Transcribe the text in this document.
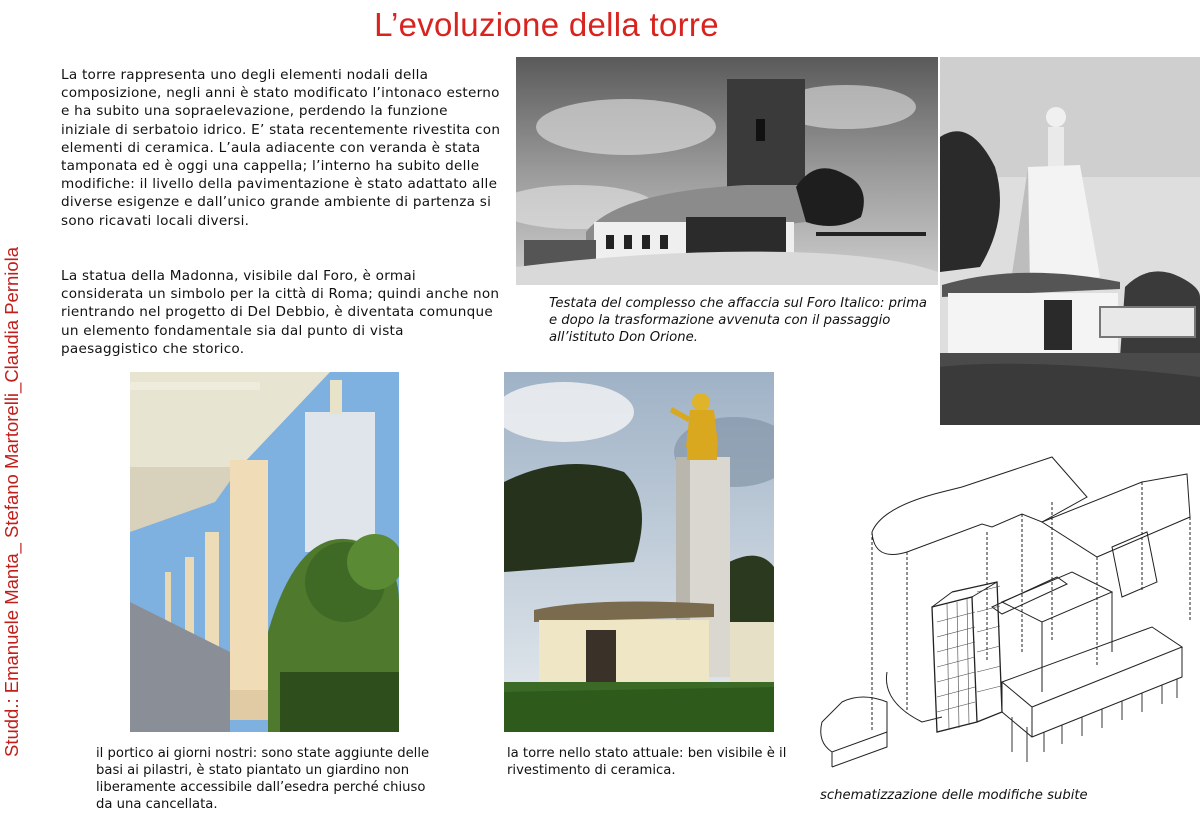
L’evoluzione della torre
Studd.: Emanuele Manta_ Stefano Martorelli_Claudia Perniola

La torre rappresenta uno degli elementi nodali della composizione, negli anni è stato modificato l’intonaco esterno e ha subito una sopraelevazione, perdendo la funzione iniziale di serbatoio idrico. E’ stata recentemente rivestita con elementi di ceramica. L’aula adiacente con veranda è stata tamponata ed è oggi una cappella; l’interno ha subito delle modifiche: il livello della pavimentazione è stato adattato alle diverse esigenze e dall’unico grande ambiente di partenza si sono ricavati locali diversi.

La statua della Madonna, visibile dal Foro, è ormai considerata un simbolo per la città di Roma; quindi anche non rientrando nel progetto di Del Debbio, è diventata comunque un elemento fondamentale sia dal punto di vista paesaggistico che storico.

Testata del complesso che affaccia sul Foro Italico: prima e dopo la trasformazione avvenuta con il passaggio all’istituto Don Orione.

il portico ai giorni nostri: sono state aggiunte delle basi ai pilastri, è stato piantato un giardino non liberamente accessibile dall’esedra perché chiuso da una cancellata.

la torre nello stato attuale: ben visibile è il rivestimento di ceramica.

schematizzazione delle modifiche subite
